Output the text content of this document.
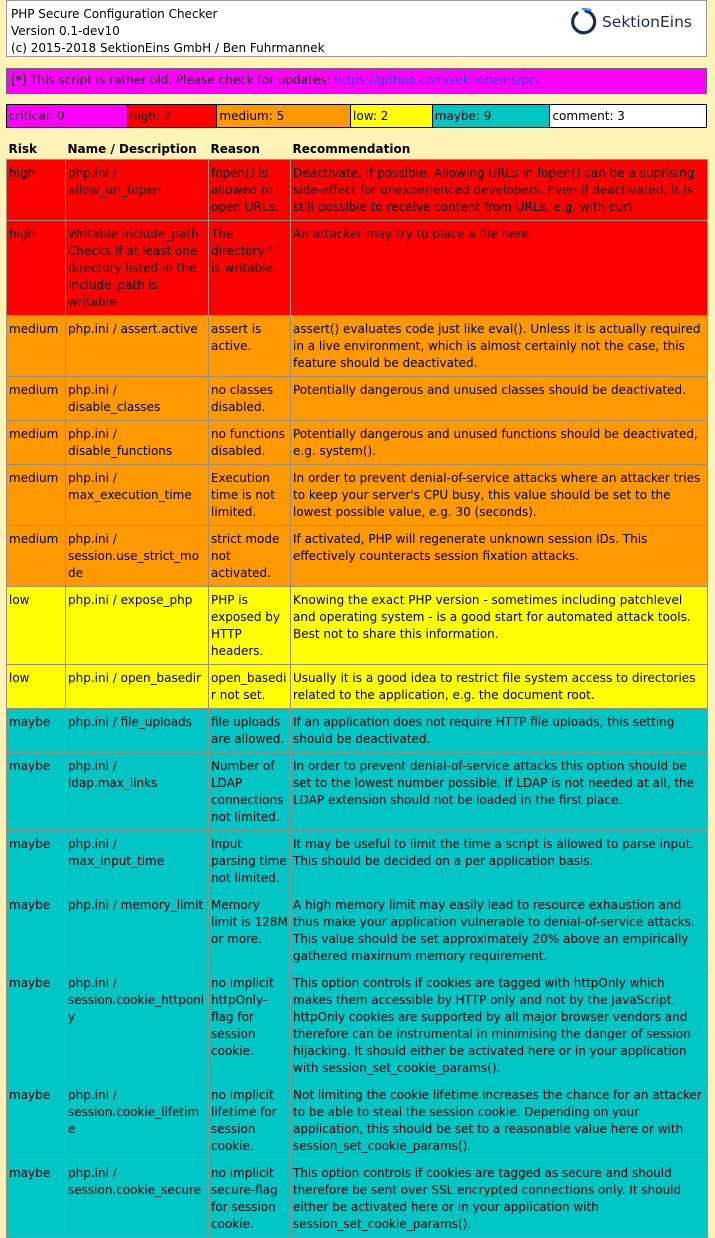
PHP Secure Configuration Checker
Version 0.1-dev10
(c) 2015-2018 SektionEins GmbH / Ben Fuhrmannek
SektionEins
[*] This script is rather old. Please check for updates: https://github.com/sektioneins/pcc
critical: 0	high: 2	medium: 5	low: 2	maybe: 9	comment: 3
Risk	Name / Description	Reason	Recommendation
high	php.ini / allow_url_fopen	fopen() is allowed to open URLs.	Deactivate, if possible. Allowing URLs in fopen() can be a suprising side-effect for unexperienced developers. Even if deactivated, it is still possible to receive content from URLs, e.g. with curl.
high	Writable include_path Checks if at least one directory listed in the include_path is writable	The directory '.' is writable.	An attacker may try to place a file here.
medium	php.ini / assert.active	assert is active.	assert() evaluates code just like eval(). Unless it is actually required in a live environment, which is almost certainly not the case, this feature should be deactivated.
medium	php.ini / disable_classes	no classes disabled.	Potentially dangerous and unused classes should be deactivated.
medium	php.ini / disable_functions	no functions disabled.	Potentially dangerous and unused functions should be deactivated, e.g. system().
medium	php.ini / max_execution_time	Execution time is not limited.	In order to prevent denial-of-service attacks where an attacker tries to keep your server's CPU busy, this value should be set to the lowest possible value, e.g. 30 (seconds).
medium	php.ini / session.use_strict_mode	strict mode not activated.	If activated, PHP will regenerate unknown session IDs. This effectively counteracts session fixation attacks.
low	php.ini / expose_php	PHP is exposed by HTTP headers.	Knowing the exact PHP version - sometimes including patchlevel and operating system - is a good start for automated attack tools. Best not to share this information.
low	php.ini / open_basedir	open_basedir not set.	Usually it is a good idea to restrict file system access to directories related to the application, e.g. the document root.
maybe	php.ini / file_uploads	file uploads are allowed.	If an application does not require HTTP file uploads, this setting should be deactivated.
maybe	php.ini / ldap.max_links	Number of LDAP connections not limited.	In order to prevent denial-of-service attacks this option should be set to the lowest number possible. If LDAP is not needed at all, the LDAP extension should not be loaded in the first place.
maybe	php.ini / max_input_time	Input parsing time not limited.	It may be useful to limit the time a script is allowed to parse input. This should be decided on a per application basis.
maybe	php.ini / memory_limit	Memory limit is 128M or more.	A high memory limit may easily lead to resource exhaustion and thus make your application vulnerable to denial-of-service attacks. This value should be set approximately 20% above an empirically gathered maximum memory requirement.
maybe	php.ini / session.cookie_httponly	no implicit httpOnly-flag for session cookie.	This option controls if cookies are tagged with httpOnly which makes them accessible by HTTP only and not by the JavaScript. httpOnly cookies are supported by all major browser vendors and therefore can be instrumental in minimising the danger of session hijacking. It should either be activated here or in your application with session_set_cookie_params().
maybe	php.ini / session.cookie_lifetime	no implicit lifetime for session cookie.	Not limiting the cookie lifetime increases the chance for an attacker to be able to steal the session cookie. Depending on your application, this should be set to a reasonable value here or with session_set_cookie_params().
maybe	php.ini / session.cookie_secure	no implicit secure-flag for session cookie.	This option controls if cookies are tagged as secure and should therefore be sent over SSL encrypted connections only. It should either be activated here or in your application with session_set_cookie_params().
